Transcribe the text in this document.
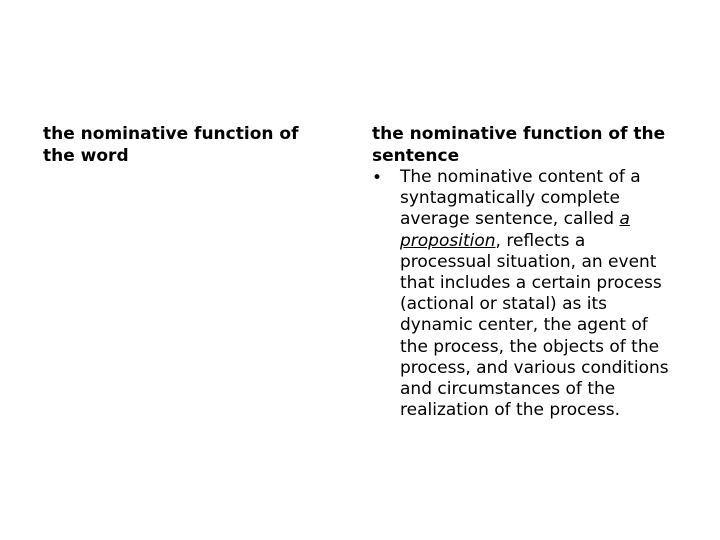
the nominative function of the word
the nominative function of the sentence
•	The nominative content of a syntagmatically complete average sentence, called a proposition, reflects a processual situation, an event that includes a certain process (actional or statal) as its dynamic center, the agent of the process, the objects of the process, and various conditions and circumstances of the realization of the process.
